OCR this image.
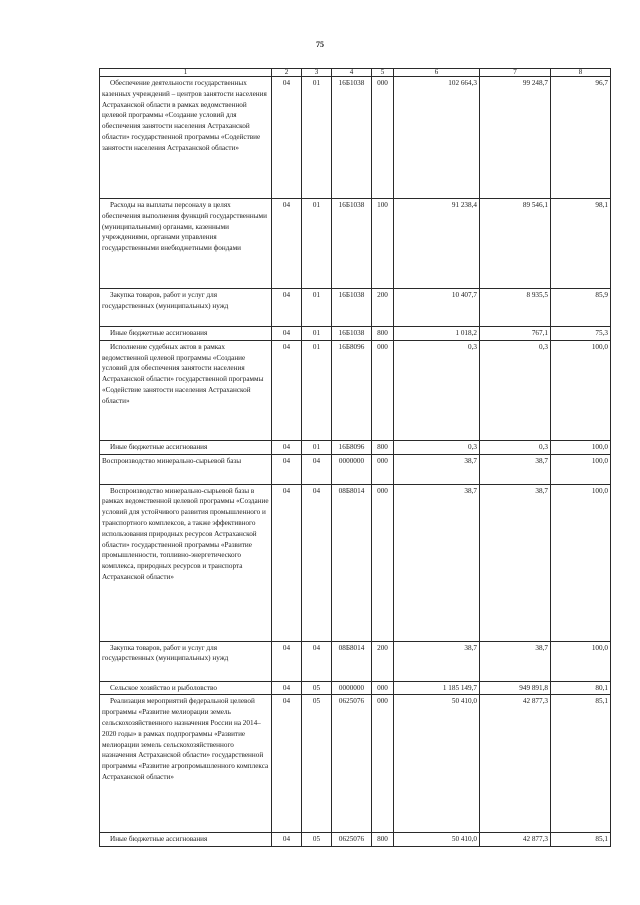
75
1	2	3	4	5	6	7	8
Обеспечение деятельности государственных казенных учреждений – центров занятости населения Астраханской области в рамках ведомственной целевой программы «Создание условий для обеспечения занятости населения Астраханской области» государственной программы «Содействие занятости населения Астраханской области»	04	01	16Б1038	000	102 664,3	99 248,7	96,7
Расходы на выплаты персоналу в целях обеспечения выполнения функций государственными (муниципальными) органами, казенными учреждениями, органами управления государственными внебюджетными фондами	04	01	16Б1038	100	91 238,4	89 546,1	98,1
Закупка товаров, работ и услуг для государственных (муниципальных) нужд	04	01	16Б1038	200	10 407,7	8 935,5	85,9
Иные бюджетные ассигнования	04	01	16Б1038	800	1 018,2	767,1	75,3
Исполнение судебных актов в рамках ведомственной целевой программы «Создание условий для обеспечения занятости населения Астраханской области» государственной программы «Содействие занятости населения Астраханской области»	04	01	16Б8096	000	0,3	0,3	100,0
Иные бюджетные ассигнования	04	01	16Б8096	800	0,3	0,3	100,0
Воспроизводство минерально-сырьевой базы	04	04	0000000	000	38,7	38,7	100,0
Воспроизводство минерально-сырьевой базы в рамках ведомственной целевой программы «Создание условий для устойчивого развития промышленного и транспортного комплексов, а также эффективного использования природных ресурсов Астраханской области» государственной программы «Развитие промышленности, топливно-энергетического комплекса, природных ресурсов и транспорта Астраханской области»	04	04	08Б8014	000	38,7	38,7	100,0
Закупка товаров, работ и услуг для государственных (муниципальных) нужд	04	04	08Б8014	200	38,7	38,7	100,0
Сельское хозяйство и рыболовство	04	05	0000000	000	1 185 149,7	949 891,8	80,1
Реализация мероприятий федеральной целевой программы «Развитие мелиорации земель сельскохозяйственного назначения России на 2014–2020 годы» в рамках подпрограммы «Развитие мелиорации земель сельскохозяйственного назначения Астраханской области» государственной программы «Развитие агропромышленного комплекса Астраханской области»	04	05	0625076	000	50 410,0	42 877,3	85,1
Иные бюджетные ассигнования	04	05	0625076	800	50 410,0	42 877,3	85,1
